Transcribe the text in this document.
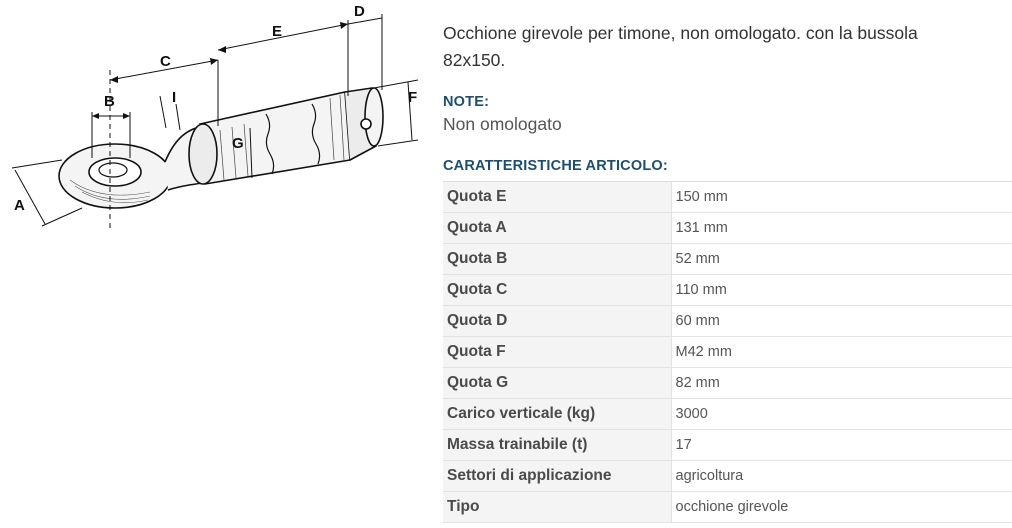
A
B
C
D
E
F
G
I

Occhione girevole per timone, non omologato. con la bussola 82x150.

NOTE:
Non omologato
CARATTERISTICHE ARTICOLO:
Quota E	150 mm
Quota A	131 mm
Quota B	52 mm
Quota C	110 mm
Quota D	60 mm
Quota F	M42 mm
Quota G	82 mm
Carico verticale (kg)	3000
Massa trainabile (t)	17
Settori di applicazione	agricoltura
Tipo	occhione girevole
